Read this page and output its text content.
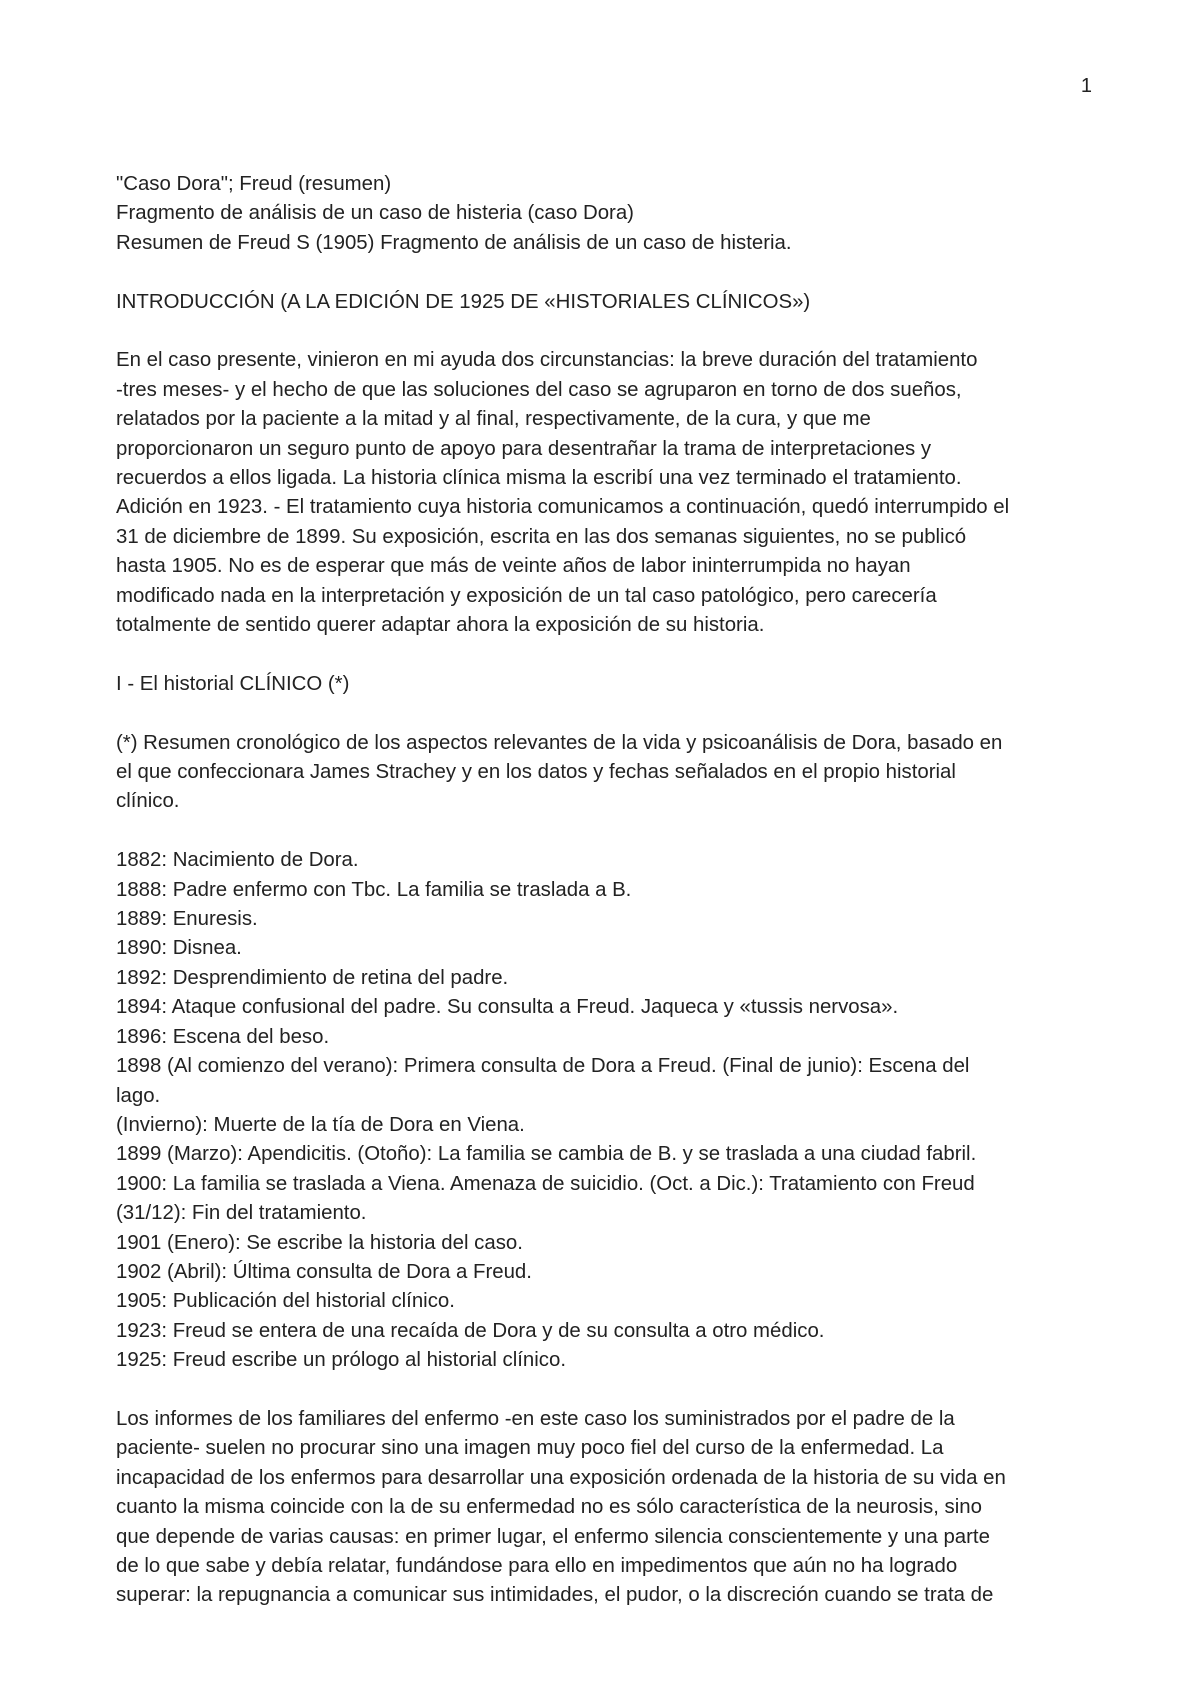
1
"Caso Dora"; Freud (resumen)
Fragmento de análisis de un caso de histeria (caso Dora)
Resumen de Freud S (1905) Fragmento de análisis de un caso de histeria.
INTRODUCCIÓN (A LA EDICIÓN DE 1925 DE «HISTORIALES CLÍNICOS»)
En el caso presente, vinieron en mi ayuda dos circunstancias: la breve duración del tratamiento
-tres meses- y el hecho de que las soluciones del caso se agruparon en torno de dos sueños,
relatados por la paciente a la mitad y al final, respectivamente, de la cura, y que me
proporcionaron un seguro punto de apoyo para desentrañar la trama de interpretaciones y
recuerdos a ellos ligada. La historia clínica misma la escribí una vez terminado el tratamiento.
Adición en 1923. - El tratamiento cuya historia comunicamos a continuación, quedó interrumpido el
31 de diciembre de 1899. Su exposición, escrita en las dos semanas siguientes, no se publicó
hasta 1905. No es de esperar que más de veinte años de labor ininterrumpida no hayan
modificado nada en la interpretación y exposición de un tal caso patológico, pero carecería
totalmente de sentido querer adaptar ahora la exposición de su historia.
I - El historial CLÍNICO (*)
(*) Resumen cronológico de los aspectos relevantes de la vida y psicoanálisis de Dora, basado en
el que confeccionara James Strachey y en los datos y fechas señalados en el propio historial
clínico.
1882: Nacimiento de Dora.
1888: Padre enfermo con Tbc. La familia se traslada a B.
1889: Enuresis.
1890: Disnea.
1892: Desprendimiento de retina del padre.
1894: Ataque confusional del padre. Su consulta a Freud. Jaqueca y «tussis nervosa».
1896: Escena del beso.
1898 (Al comienzo del verano): Primera consulta de Dora a Freud. (Final de junio): Escena del
lago.
(Invierno): Muerte de la tía de Dora en Viena.
1899 (Marzo): Apendicitis. (Otoño): La familia se cambia de B. y se traslada a una ciudad fabril.
1900: La familia se traslada a Viena. Amenaza de suicidio. (Oct. a Dic.): Tratamiento con Freud
(31/12): Fin del tratamiento.
1901 (Enero): Se escribe la historia del caso.
1902 (Abril): Última consulta de Dora a Freud.
1905: Publicación del historial clínico.
1923: Freud se entera de una recaída de Dora y de su consulta a otro médico.
1925: Freud escribe un prólogo al historial clínico.
Los informes de los familiares del enfermo -en este caso los suministrados por el padre de la
paciente- suelen no procurar sino una imagen muy poco fiel del curso de la enfermedad. La
incapacidad de los enfermos para desarrollar una exposición ordenada de la historia de su vida en
cuanto la misma coincide con la de su enfermedad no es sólo característica de la neurosis, sino
que depende de varias causas: en primer lugar, el enfermo silencia conscientemente y una parte
de lo que sabe y debía relatar, fundándose para ello en impedimentos que aún no ha logrado
superar: la repugnancia a comunicar sus intimidades, el pudor, o la discreción cuando se trata de
